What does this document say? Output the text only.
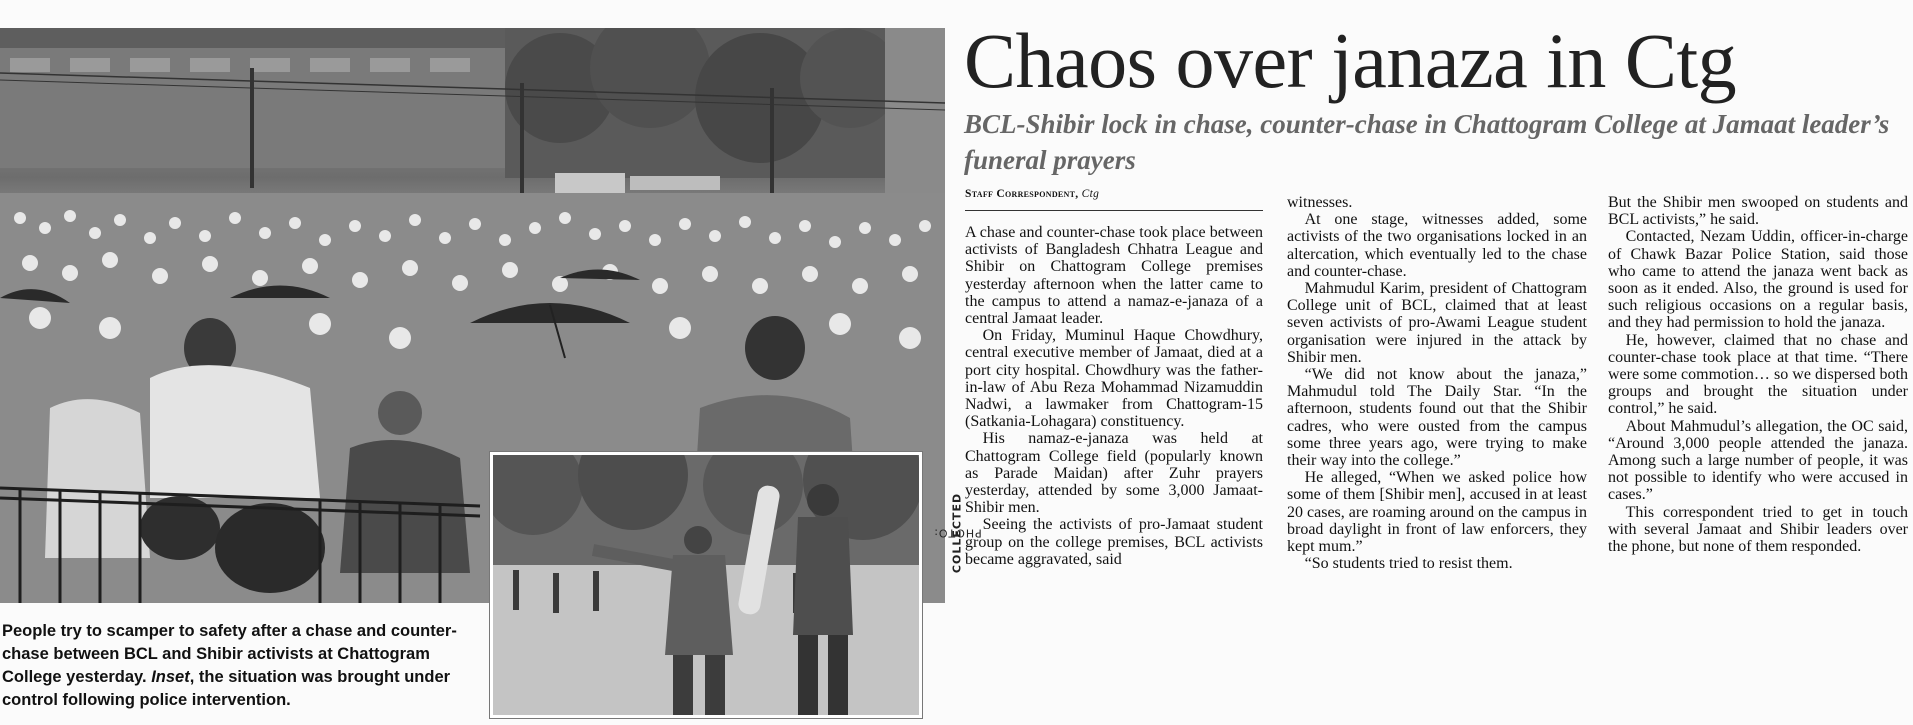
PHOTO:
COLLECTED
People try to scamper to safety after a chase and counter-chase between BCL and Shibir activists at Chattogram College yesterday. Inset, the situation was brought under control following police intervention.
Chaos over janaza in Ctg
BCL-Shibir lock in chase, counter-chase in Chattogram College at Jamaat leader’s funeral prayers
Staff Correspondent, Ctg

A chase and counter-chase took place between activists of Bangladesh Chhatra League and Shibir on Chattogram College premises yesterday afternoon when the latter came to the campus to attend a namaz-e-janaza of a central Jamaat leader.

On Friday, Muminul Haque Chowdhury, central executive member of Jamaat, died at a port city hospital. Chowdhury was the father-in-law of Abu Reza Mohammad Nizamuddin Nadwi, a lawmaker from Chattogram-15 (Satkania-Lohagara) constituency.

His namaz-e-janaza was held at Chattogram College field (popularly known as Parade Maidan) after Zuhr prayers yesterday, attended by some 3,000 Jamaat-Shibir men.

Seeing the activists of pro-Jamaat student group on the college premises, BCL activists became aggravated, said

witnesses.

At one stage, witnesses added, some activists of the two organisations locked in an altercation, which eventually led to the chase and counter-chase.

Mahmudul Karim, president of Chattogram College unit of BCL, claimed that at least seven activists of pro-Awami League student organisation were injured in the attack by Shibir men.

“We did not know about the janaza,” Mahmudul told The Daily Star. “In the afternoon, students found out that the Shibir cadres, who were ousted from the campus some three years ago, were trying to make their way into the college.”

He alleged, “When we asked police how some of them [Shibir men], accused in at least 20 cases, are roaming around on the campus in broad daylight in front of law enforcers, they kept mum.”

“So students tried to resist them.

But the Shibir men swooped on students and BCL activists,” he said.

Contacted, Nezam Uddin, officer-in-charge of Chawk Bazar Police Station, said those who came to attend the janaza went back as soon as it ended. Also, the ground is used for such religious occasions on a regular basis, and they had permission to hold the janaza.

He, however, claimed that no chase and counter-chase took place at that time. “There were some commotion… so we dispersed both groups and brought the situation under control,” he said.

About Mahmudul’s allegation, the OC said, “Around 3,000 people attended the janaza. Among such a large number of people, it was not possible to identify who were accused in cases.”

This correspondent tried to get in touch with several Jamaat and Shibir leaders over the phone, but none of them responded.
